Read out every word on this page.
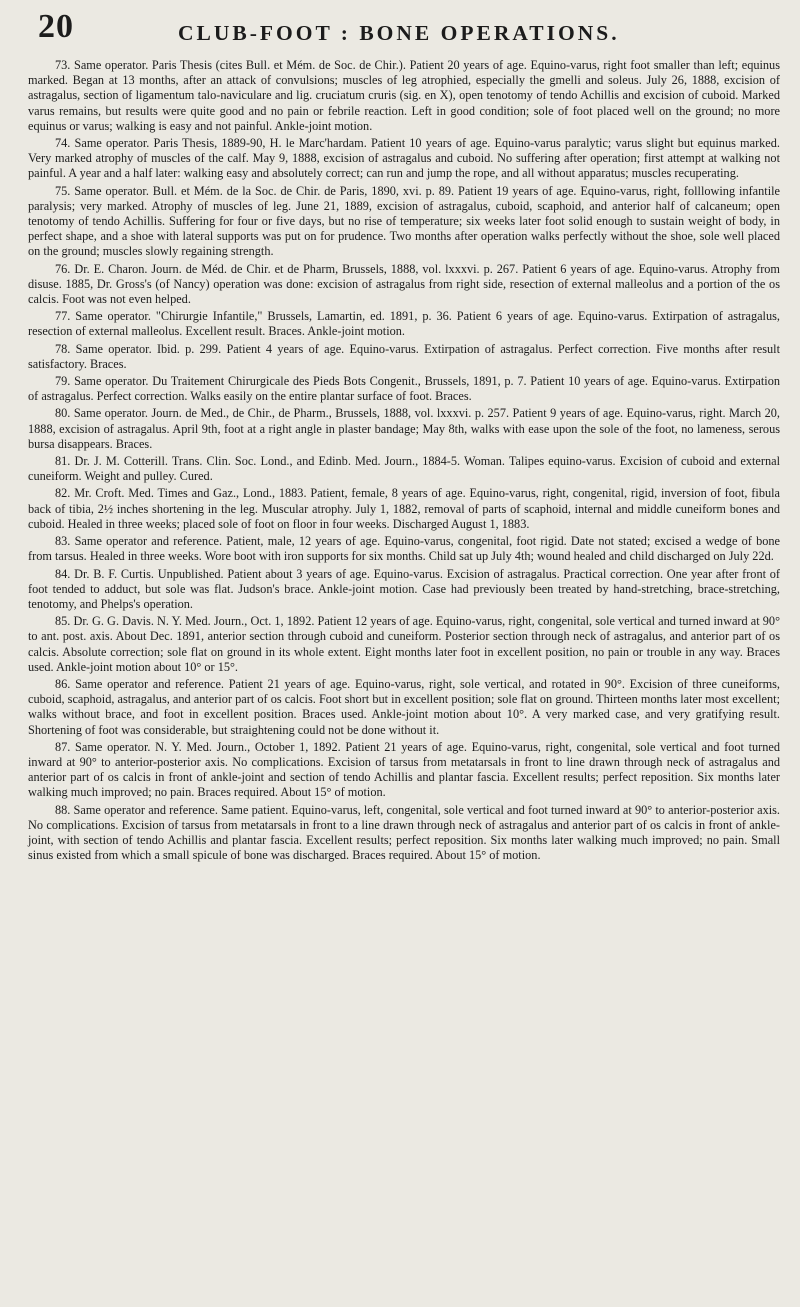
20	CLUB-FOOT : BONE OPERATIONS.

73. Same operator. Paris Thesis (cites Bull. et Mém. de Soc. de Chir.). Patient 20 years of age. Equino-varus, right foot smaller than left; equinus marked. Began at 13 months, after an attack of convulsions; muscles of leg atrophied, especially the gmelli and soleus. July 26, 1888, excision of astragalus, section of ligamentum talo-naviculare and lig. cruciatum cruris (sig. en X), open tenotomy of tendo Achillis and excision of cuboid. Marked varus remains, but results were quite good and no pain or febrile reaction. Left in good condition; sole of foot placed well on the ground; no more equinus or varus; walking is easy and not painful. Ankle-joint motion.

74. Same operator. Paris Thesis, 1889-90, H. le Marc'hardam. Patient 10 years of age. Equino-varus paralytic; varus slight but equinus marked. Very marked atrophy of muscles of the calf. May 9, 1888, excision of astragalus and cuboid. No suffering after operation; first attempt at walking not painful. A year and a half later: walking easy and absolutely correct; can run and jump the rope, and all without apparatus; muscles recuperating.

75. Same operator. Bull. et Mém. de la Soc. de Chir. de Paris, 1890, xvi. p. 89. Patient 19 years of age. Equino-varus, right, folllowing infantile paralysis; very marked. Atrophy of muscles of leg. June 21, 1889, excision of astragalus, cuboid, scaphoid, and anterior half of calcaneum; open tenotomy of tendo Achillis. Suffering for four or five days, but no rise of temperature; six weeks later foot solid enough to sustain weight of body, in perfect shape, and a shoe with lateral supports was put on for prudence. Two months after operation walks perfectly without the shoe, sole well placed on the ground; muscles slowly regaining strength.

76. Dr. E. Charon. Journ. de Méd. de Chir. et de Pharm, Brussels, 1888, vol. lxxxvi. p. 267. Patient 6 years of age. Equino-varus. Atrophy from disuse. 1885, Dr. Gross's (of Nancy) operation was done: excision of astragalus from right side, resection of external malleolus and a portion of the os calcis. Foot was not even helped.

77. Same operator. "Chirurgie Infantile," Brussels, Lamartin, ed. 1891, p. 36. Patient 6 years of age. Equino-varus. Extirpation of astragalus, resection of external malleolus. Excellent result. Braces. Ankle-joint motion.

78. Same operator. Ibid. p. 299. Patient 4 years of age. Equino-varus. Extirpation of astragalus. Perfect correction. Five months after result satisfactory. Braces.

79. Same operator. Du Traitement Chirurgicale des Pieds Bots Congenit., Brussels, 1891, p. 7. Patient 10 years of age. Equino-varus. Extirpation of astragalus. Perfect correction. Walks easily on the entire plantar surface of foot. Braces.

80. Same operator. Journ. de Med., de Chir., de Pharm., Brussels, 1888, vol. lxxxvi. p. 257. Patient 9 years of age. Equino-varus, right. March 20, 1888, excision of astragalus. April 9th, foot at a right angle in plaster bandage; May 8th, walks with ease upon the sole of the foot, no lameness, serous bursa disappears. Braces.

81. Dr. J. M. Cotterill. Trans. Clin. Soc. Lond., and Edinb. Med. Journ., 1884-5. Woman. Talipes equino-varus. Excision of cuboid and external cuneiform. Weight and pulley. Cured.

82. Mr. Croft. Med. Times and Gaz., Lond., 1883. Patient, female, 8 years of age. Equino-varus, right, congenital, rigid, inversion of foot, fibula back of tibia, 2½ inches shortening in the leg. Muscular atrophy. July 1, 1882, removal of parts of scaphoid, internal and middle cuneiform bones and cuboid. Healed in three weeks; placed sole of foot on floor in four weeks. Discharged August 1, 1883.

83. Same operator and reference. Patient, male, 12 years of age. Equino-varus, congenital, foot rigid. Date not stated; excised a wedge of bone from tarsus. Healed in three weeks. Wore boot with iron supports for six months. Child sat up July 4th; wound healed and child discharged on July 22d.

84. Dr. B. F. Curtis. Unpublished. Patient about 3 years of age. Equino-varus. Excision of astragalus. Practical correction. One year after front of foot tended to adduct, but sole was flat. Judson's brace. Ankle-joint motion. Case had previously been treated by hand-stretching, brace-stretching, tenotomy, and Phelps's operation.

85. Dr. G. G. Davis. N. Y. Med. Journ., Oct. 1, 1892. Patient 12 years of age. Equino-varus, right, congenital, sole vertical and turned inward at 90° to ant. post. axis. About Dec. 1891, anterior section through cuboid and cuneiform. Posterior section through neck of astragalus, and anterior part of os calcis. Absolute correction; sole flat on ground in its whole extent. Eight months later foot in excellent position, no pain or trouble in any way. Braces used. Ankle-joint motion about 10° or 15°.

86. Same operator and reference. Patient 21 years of age. Equino-varus, right, sole vertical, and rotated in 90°. Excision of three cuneiforms, cuboid, scaphoid, astragalus, and anterior part of os calcis. Foot short but in excellent position; sole flat on ground. Thirteen months later most excellent; walks without brace, and foot in excellent position. Braces used. Ankle-joint motion about 10°. A very marked case, and very gratifying result. Shortening of foot was considerable, but straightening could not be done without it.

87. Same operator. N. Y. Med. Journ., October 1, 1892. Patient 21 years of age. Equino-varus, right, congenital, sole vertical and foot turned inward at 90° to anterior-posterior axis. No complications. Excision of tarsus from metatarsals in front to line drawn through neck of astragalus and anterior part of os calcis in front of ankle-joint and section of tendo Achillis and plantar fascia. Excellent results; perfect reposition. Six months later walking much improved; no pain. Braces required. About 15° of motion.

88. Same operator and reference. Same patient. Equino-varus, left, congenital, sole vertical and foot turned inward at 90° to anterior-posterior axis. No complications. Excision of tarsus from metatarsals in front to a line drawn through neck of astragalus and anterior part of os calcis in front of ankle-joint, with section of tendo Achillis and plantar fascia. Excellent results; perfect reposition. Six months later walking much improved; no pain. Small sinus existed from which a small spicule of bone was discharged. Braces required. About 15° of motion.
